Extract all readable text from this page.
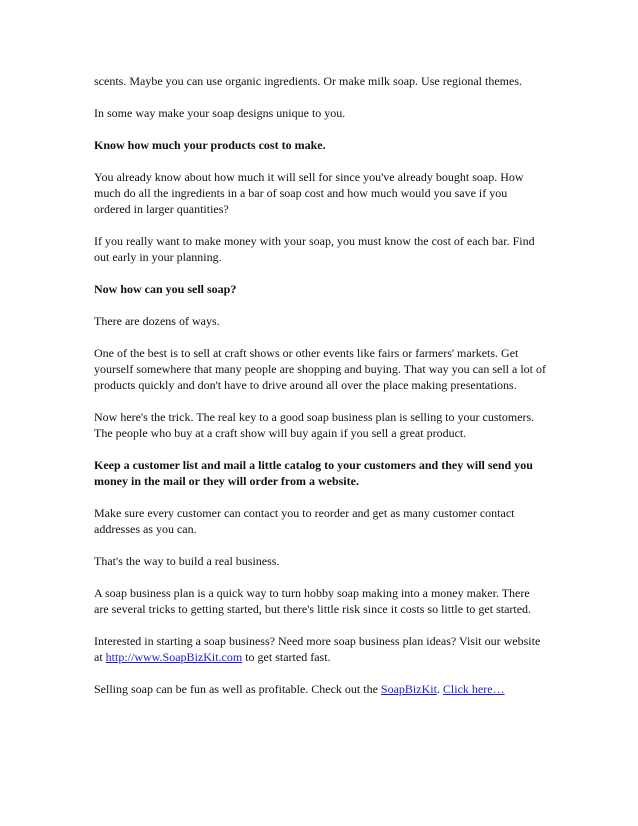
scents. Maybe you can use organic ingredients. Or make milk soap. Use regional themes.

In some way make your soap designs unique to you.

Know how much your products cost to make.

You already know about how much it will sell for since you've already bought soap. How much do all the ingredients in a bar of soap cost and how much would you save if you ordered in larger quantities?

If you really want to make money with your soap, you must know the cost of each bar. Find out early in your planning.

Now how can you sell soap?

There are dozens of ways.

One of the best is to sell at craft shows or other events like fairs or farmers' markets. Get yourself somewhere that many people are shopping and buying. That way you can sell a lot of products quickly and don't have to drive around all over the place making presentations.

Now here's the trick. The real key to a good soap business plan is selling to your customers. The people who buy at a craft show will buy again if you sell a great product.

Keep a customer list and mail a little catalog to your customers and they will send you money in the mail or they will order from a website.

Make sure every customer can contact you to reorder and get as many customer contact addresses as you can.

That's the way to build a real business.

A soap business plan is a quick way to turn hobby soap making into a money maker. There are several tricks to getting started, but there's little risk since it costs so little to get started.

Interested in starting a soap business? Need more soap business plan ideas? Visit our website at http://www.SoapBizKit.com to get started fast.

Selling soap can be fun as well as profitable. Check out the SoapBizKit. Click here…
